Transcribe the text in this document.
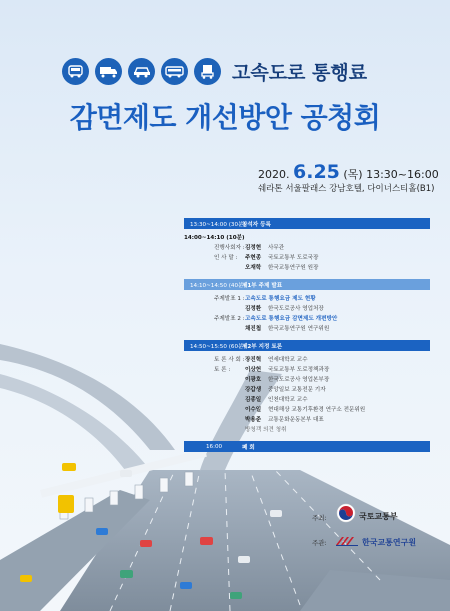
고속도로 통행료
감면제도 개선방안 공청회
2020. 6.25 (목) 13:30~16:00
쉐라톤 서울팔래스 강남호텔, 다이너스티홀(B1)
13:30~14:00 (30분)
참석자 등록
14:00~14:10 (10분)
진행사회자 : 김정현 사무관
인 사 말 : 주현종 국토교통부 도로국장
오재학 한국교통연구원 원장
14:10~14:50 (40분)
제1부 주제 발표
주제발표 1 : 고속도로 통행요금 제도 현황
김정환 한국도로공사 영업처장
주제발표 2 : 고속도로 통행요금 감면제도 개편방안
채진첩 한국교통연구원 연구위원
14:50~15:50 (60분)
제2부 지정 토론
토 론 사 회 : 장진혁 연세대학교 교수
토 론 :	이상헌 국토교통부 도로정책과장
이광호 한국도로공사 영업본부장
강갑생 중앙일보 교통전문 기자
김종일 인천대학교 교수
이수일 현대해상 교통기후환경 연구소 전문위원
박용준 교통문화운동본부 대표
방청객 의견 청취
16:00	폐 회
주최:	국토교통부
주관:	한국교통연구원
